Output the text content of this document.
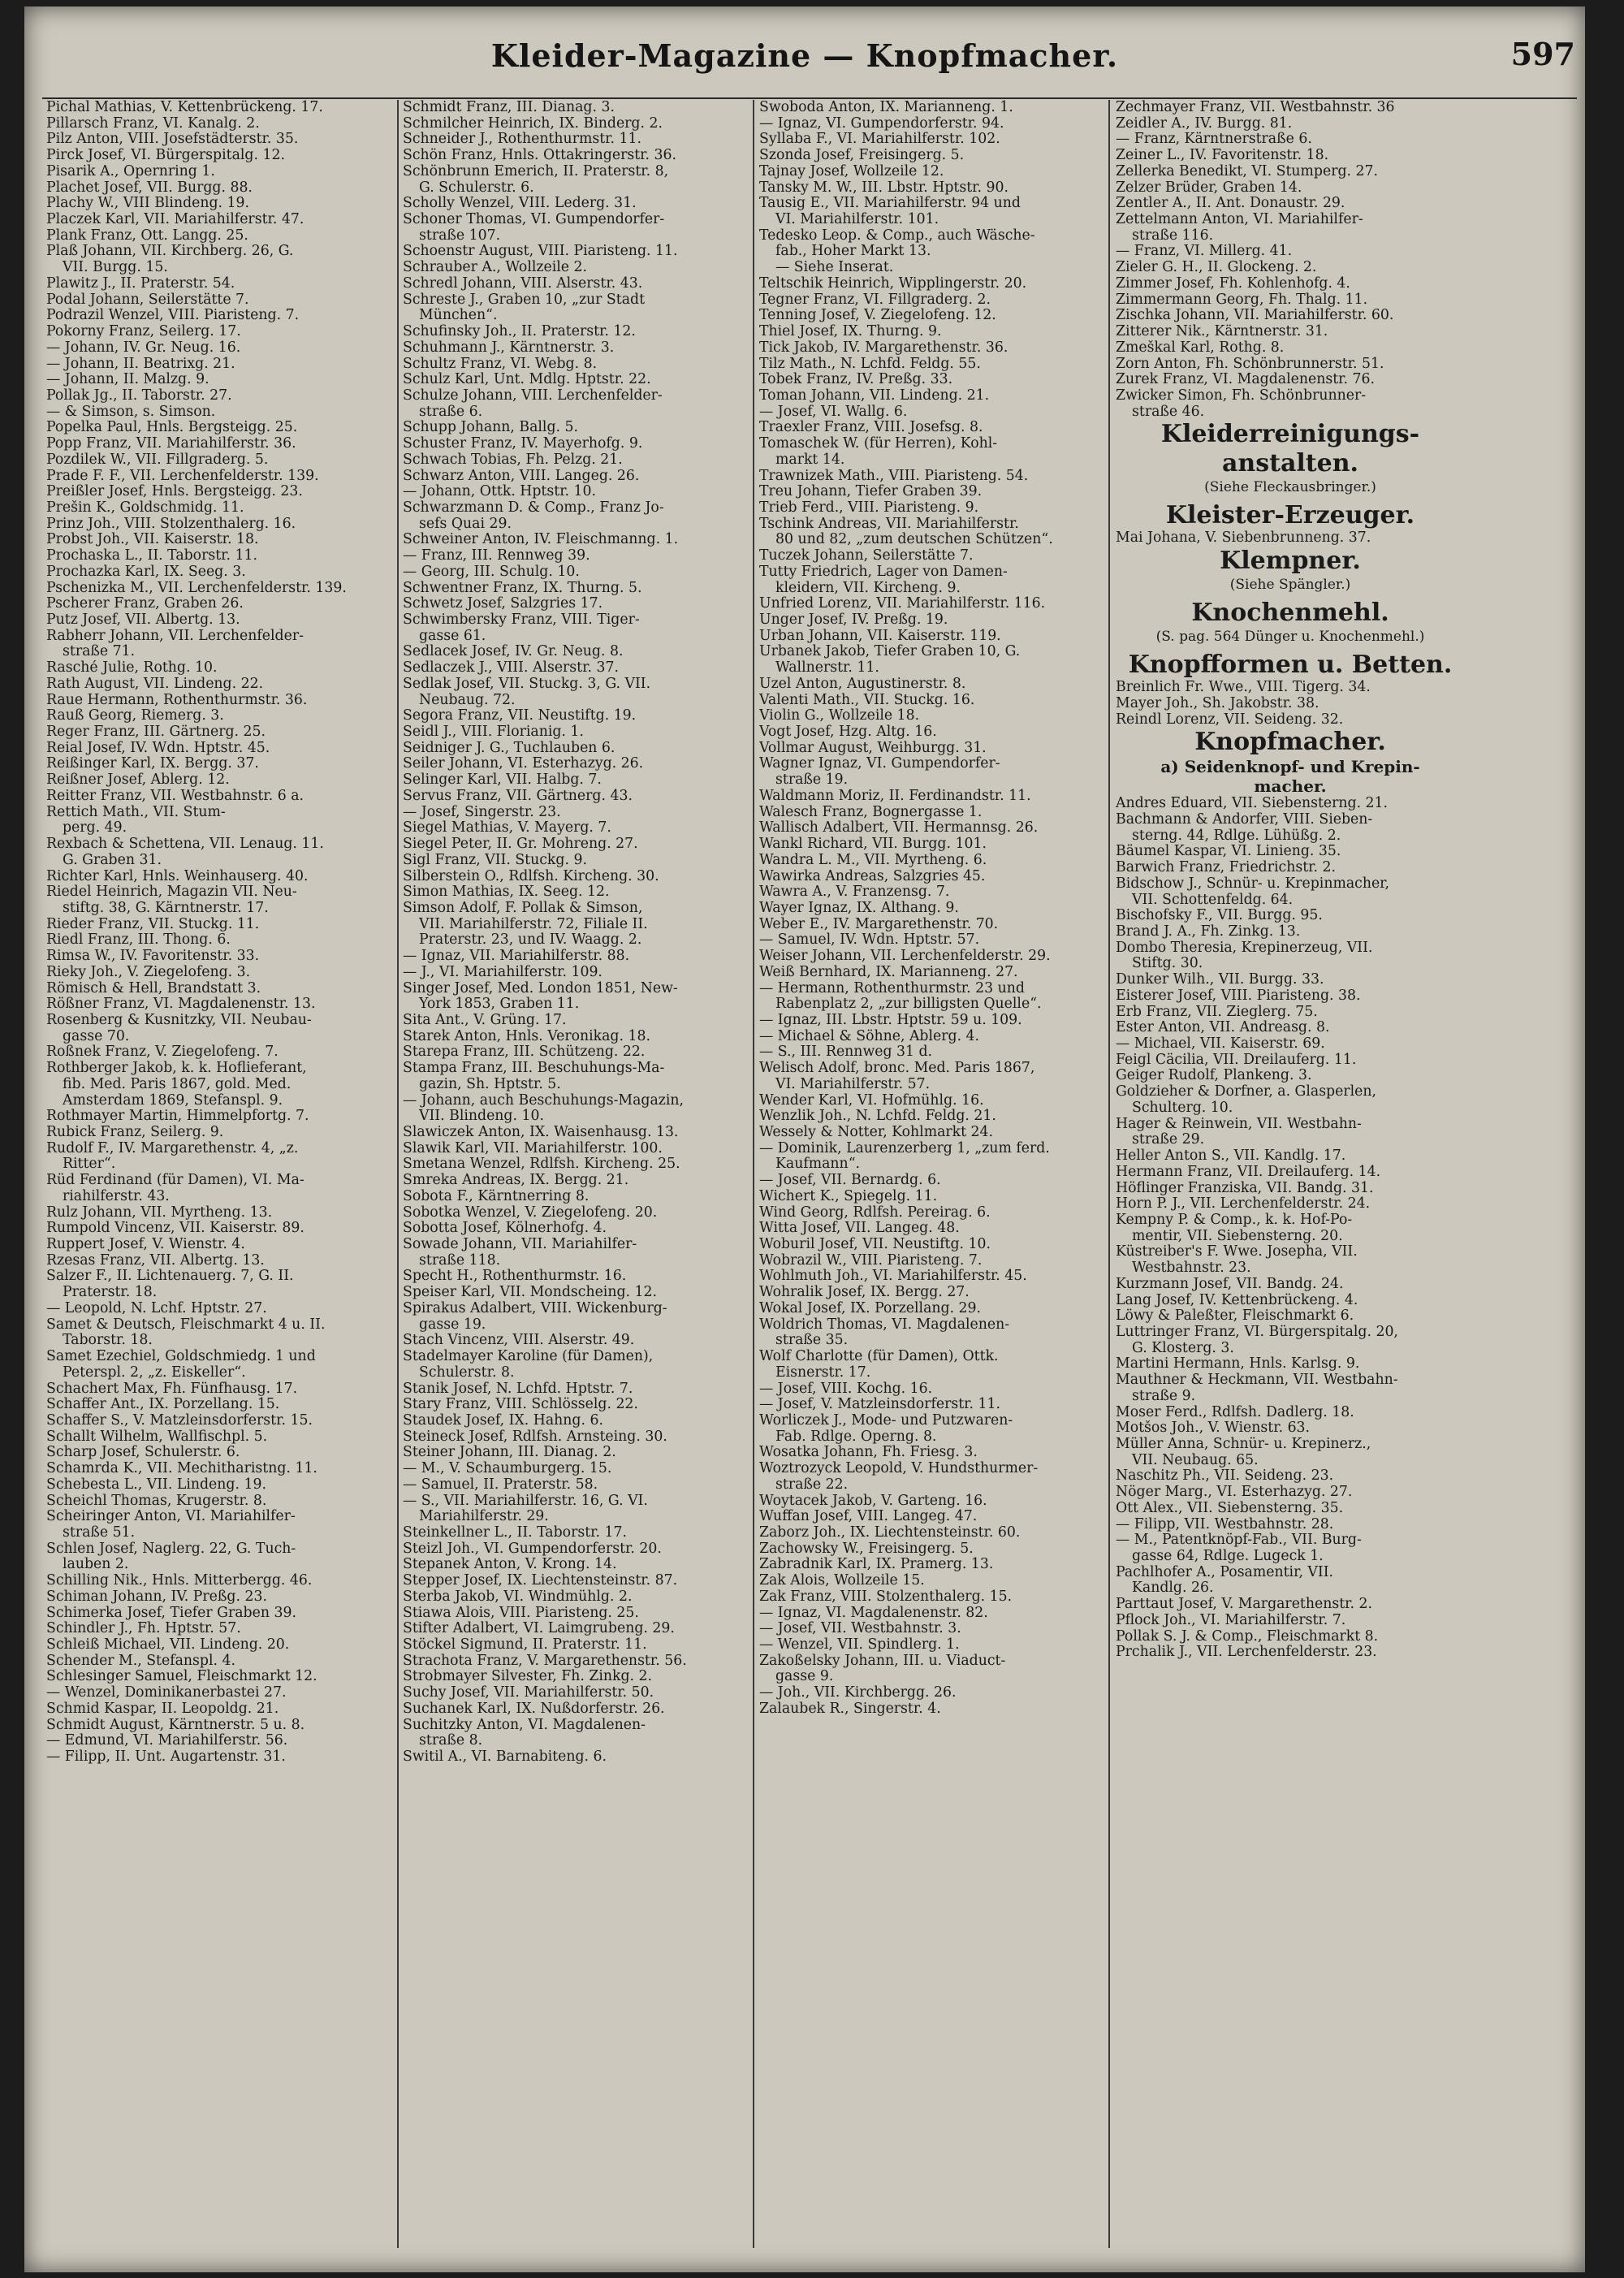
Kleider-Magazine — Knopfmacher.	597
Pichal Mathias, V. Kettenbrückeng. 17.
Pillarsch Franz, VI. Kanalg. 2.
Pilz Anton, VIII. Josefstädterstr. 35.
Pirck Josef, VI. Bürgerspitalg. 12.
Pisarik A., Opernring 1.
Plachet Josef, VII. Burgg. 88.
Plachy W., VIII Blindeng. 19.
Placzek Karl, VII. Mariahilferstr. 47.
Plank Franz, Ott. Langg. 25.
Plaß Johann, VII. Kirchberg. 26, G.
VII. Burgg. 15.
Plawitz J., II. Praterstr. 54.
Podal Johann, Seilerstätte 7.
Podrazil Wenzel, VIII. Piaristeng. 7.
Pokorny Franz, Seilerg. 17.
— Johann, IV. Gr. Neug. 16.
— Johann, II. Beatrixg. 21.
— Johann, II. Malzg. 9.
Pollak Jg., II. Taborstr. 27.
— & Simson, s. Simson.
Popelka Paul, Hnls. Bergsteigg. 25.
Popp Franz, VII. Mariahilferstr. 36.
Pozdilek W., VII. Fillgraderg. 5.
Prade F. F., VII. Lerchenfelderstr. 139.
Preißler Josef, Hnls. Bergsteigg. 23.
Prešin K., Goldschmidg. 11.
Prinz Joh., VIII. Stolzenthalerg. 16.
Probst Joh., VII. Kaiserstr. 18.
Prochaska L., II. Taborstr. 11.
Prochazka Karl, IX. Seeg. 3.
Pschenizka M., VII. Lerchenfelderstr. 139.
Pscherer Franz, Graben 26.
Putz Josef, VII. Albertg. 13.
Rabherr Johann, VII. Lerchenfelder-
straße 71.
Rasché Julie, Rothg. 10.
Rath August, VII. Lindeng. 22.
Raue Hermann, Rothenthurmstr. 36.
Rauß Georg, Riemerg. 3.
Reger Franz, III. Gärtnerg. 25.
Reial Josef, IV. Wdn. Hptstr. 45.
Reißinger Karl, IX. Bergg. 37.
Reißner Josef, Ablerg. 12.
Reitter Franz, VII. Westbahnstr. 6 a.
Rettich Math., VII. Stum-
perg. 49.
Rexbach & Schettena, VII. Lenaug. 11.
G. Graben 31.
Richter Karl, Hnls. Weinhauserg. 40.
Riedel Heinrich, Magazin VII. Neu-
stiftg. 38, G. Kärntnerstr. 17.
Rieder Franz, VII. Stuckg. 11.
Riedl Franz, III. Thong. 6.
Rimsa W., IV. Favoritenstr. 33.
Rieky Joh., V. Ziegelofeng. 3.
Römisch & Hell, Brandstatt 3.
Rößner Franz, VI. Magdalenenstr. 13.
Rosenberg & Kusnitzky, VII. Neubau-
gasse 70.
Roßnek Franz, V. Ziegelofeng. 7.
Rothberger Jakob, k. k. Hoflieferant,
fib. Med. Paris 1867, gold. Med.
Amsterdam 1869, Stefanspl. 9.
Rothmayer Martin, Himmelpfortg. 7.
Rubick Franz, Seilerg. 9.
Rudolf F., IV. Margarethenstr. 4, „z.
Ritter“.
Rüd Ferdinand (für Damen), VI. Ma-
riahilferstr. 43.
Rulz Johann, VII. Myrtheng. 13.
Rumpold Vincenz, VII. Kaiserstr. 89.
Ruppert Josef, V. Wienstr. 4.
Rzesas Franz, VII. Albertg. 13.
Salzer F., II. Lichtenauerg. 7, G. II.
Praterstr. 18.
— Leopold, N. Lchf. Hptstr. 27.
Samet & Deutsch, Fleischmarkt 4 u. II.
Taborstr. 18.
Samet Ezechiel, Goldschmiedg. 1 und
Peterspl. 2, „z. Eiskeller“.
Schachert Max, Fh. Fünfhausg. 17.
Schaffer Ant., IX. Porzellang. 15.
Schaffer S., V. Matzleinsdorferstr. 15.
Schallt Wilhelm, Wallfischpl. 5.
Scharp Josef, Schulerstr. 6.
Schamrda K., VII. Mechitharistng. 11.
Schebesta L., VII. Lindeng. 19.
Scheichl Thomas, Krugerstr. 8.
Scheiringer Anton, VI. Mariahilfer-
straße 51.
Schlen Josef, Naglerg. 22, G. Tuch-
lauben 2.
Schilling Nik., Hnls. Mitterbergg. 46.
Schiman Johann, IV. Preßg. 23.
Schimerka Josef, Tiefer Graben 39.
Schindler J., Fh. Hptstr. 57.
Schleiß Michael, VII. Lindeng. 20.
Schender M., Stefanspl. 4.
Schlesinger Samuel, Fleischmarkt 12.
— Wenzel, Dominikanerbastei 27.
Schmid Kaspar, II. Leopoldg. 21.
Schmidt August, Kärntnerstr. 5 u. 8.
— Edmund, VI. Mariahilferstr. 56.
— Filipp, II. Unt. Augartenstr. 31.
Schmidt Franz, III. Dianag. 3.
Schmilcher Heinrich, IX. Binderg. 2.
Schneider J., Rothenthurmstr. 11.
Schön Franz, Hnls. Ottakringerstr. 36.
Schönbrunn Emerich, II. Praterstr. 8,
G. Schulerstr. 6.
Scholly Wenzel, VIII. Lederg. 31.
Schoner Thomas, VI. Gumpendorfer-
straße 107.
Schoenstr August, VIII. Piaristeng. 11.
Schrauber A., Wollzeile 2.
Schredl Johann, VIII. Alserstr. 43.
Schreste J., Graben 10, „zur Stadt
München“.
Schufinsky Joh., II. Praterstr. 12.
Schuhmann J., Kärntnerstr. 3.
Schultz Franz, VI. Webg. 8.
Schulz Karl, Unt. Mdlg. Hptstr. 22.
Schulze Johann, VIII. Lerchenfelder-
straße 6.
Schupp Johann, Ballg. 5.
Schuster Franz, IV. Mayerhofg. 9.
Schwach Tobias, Fh. Pelzg. 21.
Schwarz Anton, VIII. Langeg. 26.
— Johann, Ottk. Hptstr. 10.
Schwarzmann D. & Comp., Franz Jo-
sefs Quai 29.
Schweiner Anton, IV. Fleischmanng. 1.
— Franz, III. Rennweg 39.
— Georg, III. Schulg. 10.
Schwentner Franz, IX. Thurng. 5.
Schwetz Josef, Salzgries 17.
Schwimbersky Franz, VIII. Tiger-
gasse 61.
Sedlacek Josef, IV. Gr. Neug. 8.
Sedlaczek J., VIII. Alserstr. 37.
Sedlak Josef, VII. Stuckg. 3, G. VII.
Neubaug. 72.
Segora Franz, VII. Neustiftg. 19.
Seidl J., VIII. Florianig. 1.
Seidniger J. G., Tuchlauben 6.
Seiler Johann, VI. Esterhazyg. 26.
Selinger Karl, VII. Halbg. 7.
Servus Franz, VII. Gärtnerg. 43.
— Josef, Singerstr. 23.
Siegel Mathias, V. Mayerg. 7.
Siegel Peter, II. Gr. Mohreng. 27.
Sigl Franz, VII. Stuckg. 9.
Silberstein O., Rdlfsh. Kircheng. 30.
Simon Mathias, IX. Seeg. 12.
Simson Adolf, F. Pollak & Simson,
VII. Mariahilferstr. 72, Filiale II.
Praterstr. 23, und IV. Waagg. 2.
— Ignaz, VII. Mariahilferstr. 88.
— J., VI. Mariahilferstr. 109.
Singer Josef, Med. London 1851, New-
York 1853, Graben 11.
Sita Ant., V. Grüng. 17.
Starek Anton, Hnls. Veronikag. 18.
Starepa Franz, III. Schützeng. 22.
Stampa Franz, III. Beschuhungs-Ma-
gazin, Sh. Hptstr. 5.
— Johann, auch Beschuhungs-Magazin,
VII. Blindeng. 10.
Slawiczek Anton, IX. Waisenhausg. 13.
Slawik Karl, VII. Mariahilferstr. 100.
Smetana Wenzel, Rdlfsh. Kircheng. 25.
Smreka Andreas, IX. Bergg. 21.
Sobota F., Kärntnerring 8.
Sobotka Wenzel, V. Ziegelofeng. 20.
Sobotta Josef, Kölnerhofg. 4.
Sowade Johann, VII. Mariahilfer-
straße 118.
Specht H., Rothenthurmstr. 16.
Speiser Karl, VII. Mondscheing. 12.
Spirakus Adalbert, VIII. Wickenburg-
gasse 19.
Stach Vincenz, VIII. Alserstr. 49.
Stadelmayer Karoline (für Damen),
Schulerstr. 8.
Stanik Josef, N. Lchfd. Hptstr. 7.
Stary Franz, VIII. Schlösselg. 22.
Staudek Josef, IX. Hahng. 6.
Steineck Josef, Rdlfsh. Arnsteing. 30.
Steiner Johann, III. Dianag. 2.
— M., V. Schaumburgerg. 15.
— Samuel, II. Praterstr. 58.
— S., VII. Mariahilferstr. 16, G. VI.
Mariahilferstr. 29.
Steinkellner L., II. Taborstr. 17.
Steizl Joh., VI. Gumpendorferstr. 20.
Stepanek Anton, V. Krong. 14.
Stepper Josef, IX. Liechtensteinstr. 87.
Sterba Jakob, VI. Windmühlg. 2.
Stiawa Alois, VIII. Piaristeng. 25.
Stifter Adalbert, VI. Laimgrubeng. 29.
Stöckel Sigmund, II. Praterstr. 11.
Strachota Franz, V. Margarethenstr. 56.
Strobmayer Silvester, Fh. Zinkg. 2.
Suchy Josef, VII. Mariahilferstr. 50.
Suchanek Karl, IX. Nußdorferstr. 26.
Suchitzky Anton, VI. Magdalenen-
straße 8.
Switil A., VI. Barnabiteng. 6.
Swoboda Anton, IX. Marianneng. 1.
— Ignaz, VI. Gumpendorferstr. 94.
Syllaba F., VI. Mariahilferstr. 102.
Szonda Josef, Freisingerg. 5.
Tajnay Josef, Wollzeile 12.
Tansky M. W., III. Lbstr. Hptstr. 90.
Tausig E., VII. Mariahilferstr. 94 und
VI. Mariahilferstr. 101.
Tedesko Leop. & Comp., auch Wäsche-
fab., Hoher Markt 13.
— Siehe Inserat.
Teltschik Heinrich, Wipplingerstr. 20.
Tegner Franz, VI. Fillgraderg. 2.
Tenning Josef, V. Ziegelofeng. 12.
Thiel Josef, IX. Thurng. 9.
Tick Jakob, IV. Margarethenstr. 36.
Tilz Math., N. Lchfd. Feldg. 55.
Tobek Franz, IV. Preßg. 33.
Toman Johann, VII. Lindeng. 21.
— Josef, VI. Wallg. 6.
Traexler Franz, VIII. Josefsg. 8.
Tomaschek W. (für Herren), Kohl-
markt 14.
Trawnizek Math., VIII. Piaristeng. 54.
Treu Johann, Tiefer Graben 39.
Trieb Ferd., VIII. Piaristeng. 9.
Tschink Andreas, VII. Mariahilferstr.
80 und 82, „zum deutschen Schützen“.
Tuczek Johann, Seilerstätte 7.
Tutty Friedrich, Lager von Damen-
kleidern, VII. Kircheng. 9.
Unfried Lorenz, VII. Mariahilferstr. 116.
Unger Josef, IV. Preßg. 19.
Urban Johann, VII. Kaiserstr. 119.
Urbanek Jakob, Tiefer Graben 10, G.
Wallnerstr. 11.
Uzel Anton, Augustinerstr. 8.
Valenti Math., VII. Stuckg. 16.
Violin G., Wollzeile 18.
Vogt Josef, Hzg. Altg. 16.
Vollmar August, Weihburgg. 31.
Wagner Ignaz, VI. Gumpendorfer-
straße 19.
Waldmann Moriz, II. Ferdinandstr. 11.
Walesch Franz, Bognergasse 1.
Wallisch Adalbert, VII. Hermannsg. 26.
Wankl Richard, VII. Burgg. 101.
Wandra L. M., VII. Myrtheng. 6.
Wawirka Andreas, Salzgries 45.
Wawra A., V. Franzensg. 7.
Wayer Ignaz, IX. Althang. 9.
Weber E., IV. Margarethenstr. 70.
— Samuel, IV. Wdn. Hptstr. 57.
Weiser Johann, VII. Lerchenfelderstr. 29.
Weiß Bernhard, IX. Marianneng. 27.
— Hermann, Rothenthurmstr. 23 und
Rabenplatz 2, „zur billigsten Quelle“.
— Ignaz, III. Lbstr. Hptstr. 59 u. 109.
— Michael & Söhne, Ablerg. 4.
— S., III. Rennweg 31 d.
Welisch Adolf, bronc. Med. Paris 1867,
VI. Mariahilferstr. 57.
Wender Karl, VI. Hofmühlg. 16.
Wenzlik Joh., N. Lchfd. Feldg. 21.
Wessely & Notter, Kohlmarkt 24.
— Dominik, Laurenzerberg 1, „zum ferd.
Kaufmann“.
— Josef, VII. Bernardg. 6.
Wichert K., Spiegelg. 11.
Wind Georg, Rdlfsh. Pereirag. 6.
Witta Josef, VII. Langeg. 48.
Woburil Josef, VII. Neustiftg. 10.
Wobrazil W., VIII. Piaristeng. 7.
Wohlmuth Joh., VI. Mariahilferstr. 45.
Wohralik Josef, IX. Bergg. 27.
Wokal Josef, IX. Porzellang. 29.
Woldrich Thomas, VI. Magdalenen-
straße 35.
Wolf Charlotte (für Damen), Ottk.
Eisnerstr. 17.
— Josef, VIII. Kochg. 16.
— Josef, V. Matzleinsdorferstr. 11.
Worliczek J., Mode- und Putzwaren-
Fab. Rdlge. Operng. 8.
Wosatka Johann, Fh. Friesg. 3.
Woztrozyck Leopold, V. Hundsthurmer-
straße 22.
Woytacek Jakob, V. Garteng. 16.
Wuffan Josef, VIII. Langeg. 47.
Zaborz Joh., IX. Liechtensteinstr. 60.
Zachowsky W., Freisingerg. 5.
Zabradnik Karl, IX. Pramerg. 13.
Zak Alois, Wollzeile 15.
Zak Franz, VIII. Stolzenthalerg. 15.
— Ignaz, VI. Magdalenenstr. 82.
— Josef, VII. Westbahnstr. 3.
— Wenzel, VII. Spindlerg. 1.
Zakoßelsky Johann, III. u. Viaduct-
gasse 9.
— Joh., VII. Kirchbergg. 26.
Zalaubek R., Singerstr. 4.
Zechmayer Franz, VII. Westbahnstr. 36
Zeidler A., IV. Burgg. 81.
— Franz, Kärntnerstraße 6.
Zeiner L., IV. Favoritenstr. 18.
Zellerka Benedikt, VI. Stumperg. 27.
Zelzer Brüder, Graben 14.
Zentler A., II. Ant. Donaustr. 29.
Zettelmann Anton, VI. Mariahilfer-
straße 116.
— Franz, VI. Millerg. 41.
Zieler G. H., II. Glockeng. 2.
Zimmer Josef, Fh. Kohlenhofg. 4.
Zimmermann Georg, Fh. Thalg. 11.
Zischka Johann, VII. Mariahilferstr. 60.
Zitterer Nik., Kärntnerstr. 31.
Zmeškal Karl, Rothg. 8.
Zorn Anton, Fh. Schönbrunnerstr. 51.
Zurek Franz, VI. Magdalenenstr. 76.
Zwicker Simon, Fh. Schönbrunner-
straße 46.
Kleiderreinigungs-
anstalten.
(Siehe Fleckausbringer.)
Kleister-Erzeuger.
Mai Johana, V. Siebenbrunneng. 37.
Klempner.
(Siehe Spängler.)
Knochenmehl.
(S. pag. 564 Dünger u. Knochenmehl.)
Knopfformen u. Betten.
Breinlich Fr. Wwe., VIII. Tigerg. 34.
Mayer Joh., Sh. Jakobstr. 38.
Reindl Lorenz, VII. Seideng. 32.
Knopfmacher.
a) Seidenknopf- und Krepin-
macher.
Andres Eduard, VII. Siebensterng. 21.
Bachmann & Andorfer, VIII. Sieben-
sterng. 44, Rdlge. Lühüßg. 2.
Bäumel Kaspar, VI. Linieng. 35.
Barwich Franz, Friedrichstr. 2.
Bidschow J., Schnür- u. Krepinmacher,
VII. Schottenfeldg. 64.
Bischofsky F., VII. Burgg. 95.
Brand J. A., Fh. Zinkg. 13.
Dombo Theresia, Krepinerzeug, VII.
Stiftg. 30.
Dunker Wilh., VII. Burgg. 33.
Eisterer Josef, VIII. Piaristeng. 38.
Erb Franz, VII. Zieglerg. 75.
Ester Anton, VII. Andreasg. 8.
— Michael, VII. Kaiserstr. 69.
Feigl Cäcilia, VII. Dreilauferg. 11.
Geiger Rudolf, Plankeng. 3.
Goldzieher & Dorfner, a. Glasperlen,
Schulterg. 10.
Hager & Reinwein, VII. Westbahn-
straße 29.
Heller Anton S., VII. Kandlg. 17.
Hermann Franz, VII. Dreilauferg. 14.
Höflinger Franziska, VII. Bandg. 31.
Horn P. J., VII. Lerchenfelderstr. 24.
Kempny P. & Comp., k. k. Hof-Po-
mentir, VII. Siebensterng. 20.
Küstreiber's F. Wwe. Josepha, VII.
Westbahnstr. 23.
Kurzmann Josef, VII. Bandg. 24.
Lang Josef, IV. Kettenbrückeng. 4.
Löwy & Paleßter, Fleischmarkt 6.
Luttringer Franz, VI. Bürgerspitalg. 20,
G. Klosterg. 3.
Martini Hermann, Hnls. Karlsg. 9.
Mauthner & Heckmann, VII. Westbahn-
straße 9.
Moser Ferd., Rdlfsh. Dadlerg. 18.
Motšos Joh., V. Wienstr. 63.
Müller Anna, Schnür- u. Krepinerz.,
VII. Neubaug. 65.
Naschitz Ph., VII. Seideng. 23.
Nöger Marg., VI. Esterhazyg. 27.
Ott Alex., VII. Siebensterng. 35.
— Filipp, VII. Westbahnstr. 28.
— M., Patentknöpf-Fab., VII. Burg-
gasse 64, Rdlge. Lugeck 1.
Pachlhofer A., Posamentir, VII.
Kandlg. 26.
Parttaut Josef, V. Margarethenstr. 2.
Pflock Joh., VI. Mariahilferstr. 7.
Pollak S. J. & Comp., Fleischmarkt 8.
Prchalik J., VII. Lerchenfelderstr. 23.
